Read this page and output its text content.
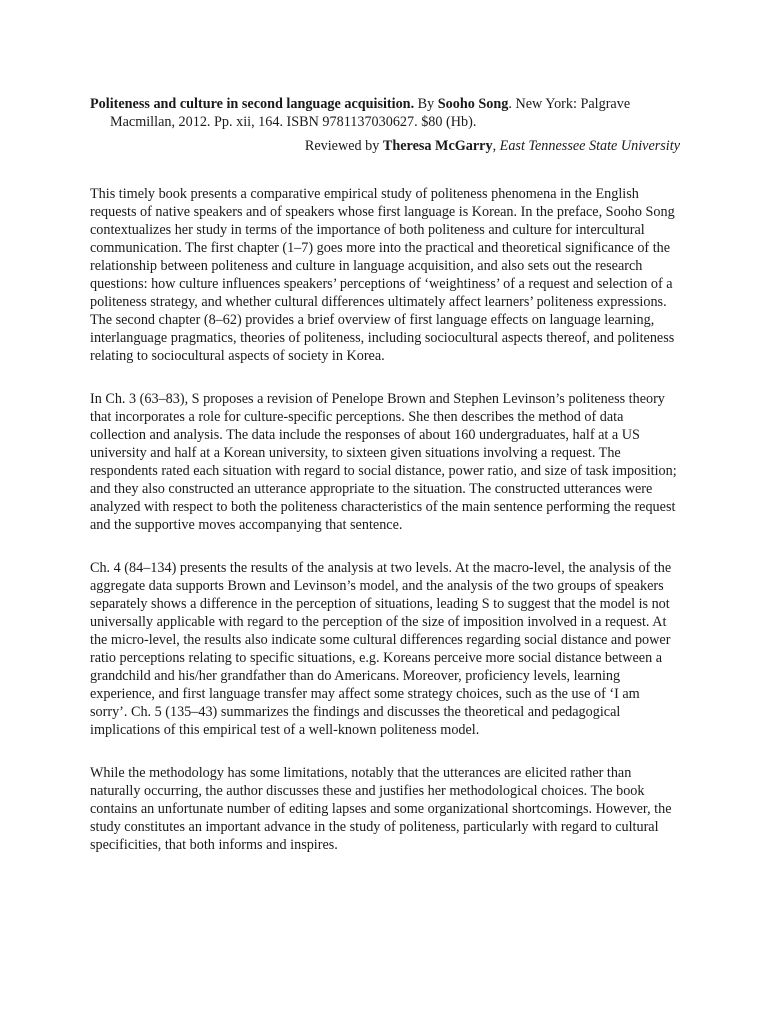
Politeness and culture in second language acquisition. By Sooho Song. New York: Palgrave Macmillan, 2012. Pp. xii, 164. ISBN 9781137030627. $80 (Hb).

Reviewed by Theresa McGarry, East Tennessee State University

This timely book presents a comparative empirical study of politeness phenomena in the English requests of native speakers and of speakers whose first language is Korean. In the preface, Sooho Song contextualizes her study in terms of the importance of both politeness and culture for intercultural communication. The first chapter (1–7) goes more into the practical and theoretical significance of the relationship between politeness and culture in language acquisition, and also sets out the research questions: how culture influences speakers’ perceptions of ‘weightiness’ of a request and selection of a politeness strategy, and whether cultural differences ultimately affect learners’ politeness expressions. The second chapter (8–62) provides a brief overview of first language effects on language learning, interlanguage pragmatics, theories of politeness, including sociocultural aspects thereof, and politeness relating to sociocultural aspects of society in Korea.

In Ch. 3 (63–83), S proposes a revision of Penelope Brown and Stephen Levinson’s politeness theory that incorporates a role for culture-specific perceptions. She then describes the method of data collection and analysis. The data include the responses of about 160 undergraduates, half at a US university and half at a Korean university, to sixteen given situations involving a request. The respondents rated each situation with regard to social distance, power ratio, and size of task imposition; and they also constructed an utterance appropriate to the situation. The constructed utterances were analyzed with respect to both the politeness characteristics of the main sentence performing the request and the supportive moves accompanying that sentence.

Ch. 4 (84–134) presents the results of the analysis at two levels. At the macro-level, the analysis of the aggregate data supports Brown and Levinson’s model, and the analysis of the two groups of speakers separately shows a difference in the perception of situations, leading S to suggest that the model is not universally applicable with regard to the perception of the size of imposition involved in a request. At the micro-level, the results also indicate some cultural differences regarding social distance and power ratio perceptions relating to specific situations, e.g. Koreans perceive more social distance between a grandchild and his/her grandfather than do Americans. Moreover, proficiency levels, learning experience, and first language transfer may affect some strategy choices, such as the use of ‘I am sorry’. Ch. 5 (135–43) summarizes the findings and discusses the theoretical and pedagogical implications of this empirical test of a well-known politeness model.

While the methodology has some limitations, notably that the utterances are elicited rather than naturally occurring, the author discusses these and justifies her methodological choices. The book contains an unfortunate number of editing lapses and some organizational shortcomings. However, the study constitutes an important advance in the study of politeness, particularly with regard to cultural specificities, that both informs and inspires.
